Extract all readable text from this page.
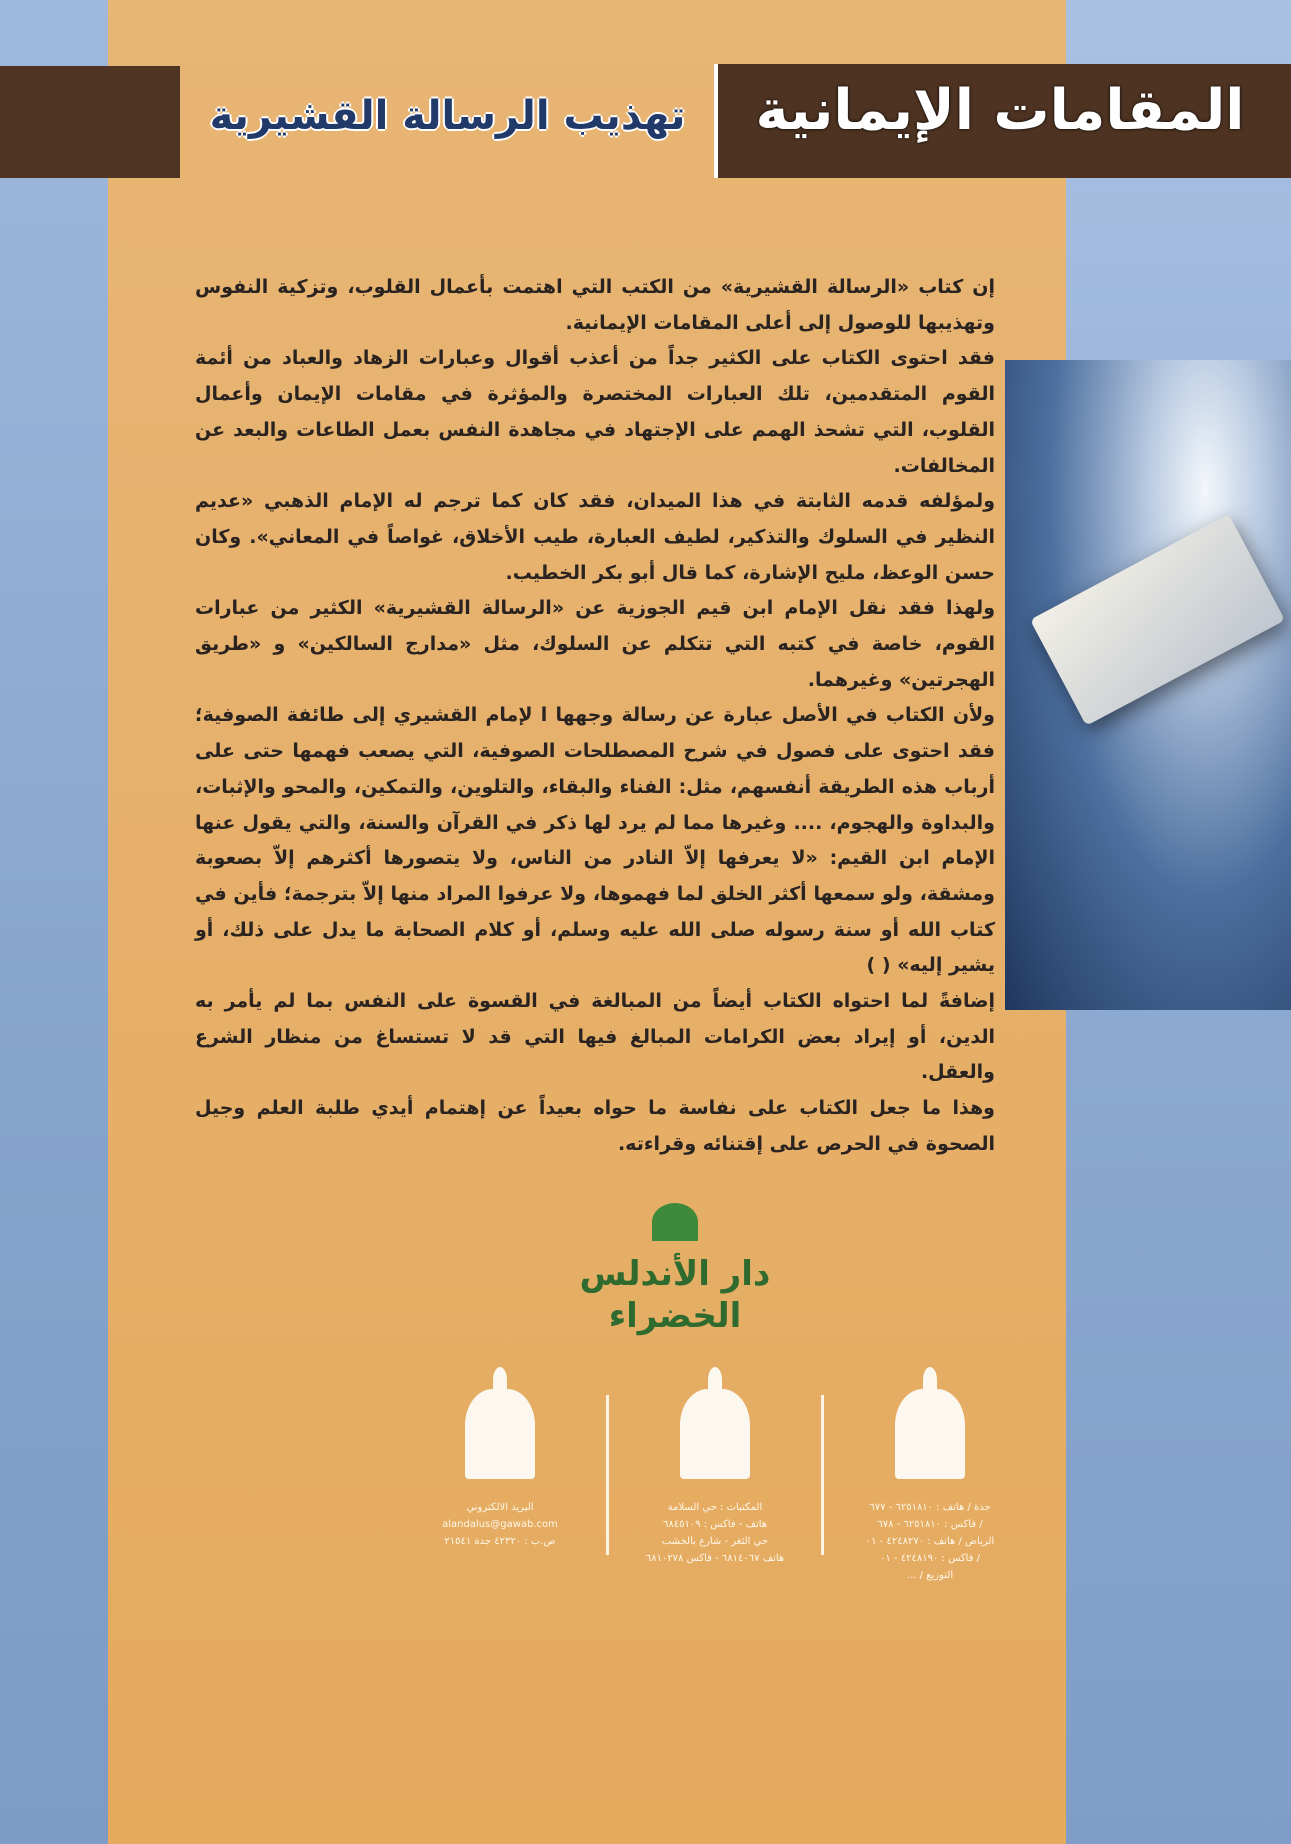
المقامات الإيمانية
تهذيب الرسالة القشيرية

إن كتاب «الرسالة القشيرية» من الكتب التي اهتمت بأعمال القلوب، وتزكية النفوس وتهذيبها للوصول إلى أعلى المقامات الإيمانية.

فقد احتوى الكتاب على الكثير جداً من أعذب أقوال وعبارات الزهاد والعباد من أئمة القوم المتقدمين، تلك العبارات المختصرة والمؤثرة في مقامات الإيمان وأعمال القلوب، التي تشحذ الهمم على الإجتهاد في مجاهدة النفس بعمل الطاعات والبعد عن المخالفات.

ولمؤلفه قدمه الثابتة في هذا الميدان، فقد كان كما ترجم له الإمام الذهبي «عديم النظير في السلوك والتذكير، لطيف العبارة، طيب الأخلاق، غواصاً في المعاني». وكان حسن الوعظ، مليح الإشارة، كما قال أبو بكر الخطيب.

ولهذا فقد نقل الإمام ابن قيم الجوزية عن «الرسالة القشيرية» الكثير من عبارات القوم، خاصة في كتبه التي تتكلم عن السلوك، مثل «مدارج السالكين» و «طريق الهجرتين» وغيرهما.

ولأن الكتاب في الأصل عبارة عن رسالة وجهها ا لإمام القشيري إلى طائفة الصوفية؛ فقد احتوى على فصول في شرح المصطلحات الصوفية، التي يصعب فهمها حتى على أرباب هذه الطريقة أنفسهم، مثل: الفناء والبقاء، والتلوين، والتمكين، والمحو والإثبات، والبداوة والهجوم، .... وغيرها مما لم يرد لها ذكر في القرآن والسنة، والتي يقول عنها الإمام ابن القيم: «لا يعرفها إلاّ النادر من الناس، ولا يتصورها أكثرهم إلاّ بصعوبة ومشقة، ولو سمعها أكثر الخلق لما فهموها، ولا عرفوا المراد منها إلاّ بترجمة؛ فأين في كتاب الله أو سنة رسوله صلى الله عليه وسلم، أو كلام الصحابة ما يدل على ذلك، أو يشير إليه» ( )

إضافةً لما احتواه الكتاب أيضاً من المبالغة في القسوة على النفس بما لم يأمر به الدين، أو إيراد بعض الكرامات المبالغ فيها التي قد لا تستساغ من منظار الشرع والعقل.

وهذا ما جعل الكتاب على نفاسة ما حواه بعيداً عن إهتمام أيدي طلبة العلم وجيل الصحوة في الحرص على إقتنائه وقراءته.

دار الأندلس الخضراء
البريد الالكتروني
alandalus@gawab.com
ص.ب : ٤٢٣٢٠ جدة ٢١٥٤١
المكتبات : حي السلامة
هاتف - فاكس : ٦٨٤٥١٠٩
حي الثغر - شارع بالخشب
هاتف ٦٨١٤٠٦٧ - فاكس ٦٨١٠٢٧٨
جدة / هاتف : ٦٢٥١٨١٠ - ٦٧٧
/ فاكس : ٦٢٥١٨١٠ - ٦٧٨
الرياض / هاتف : ٤٢٤٨٢٧٠ - ٠١
/ فاكس : ٤٢٤٨١٩٠ - ٠١
التوزيع / ...
